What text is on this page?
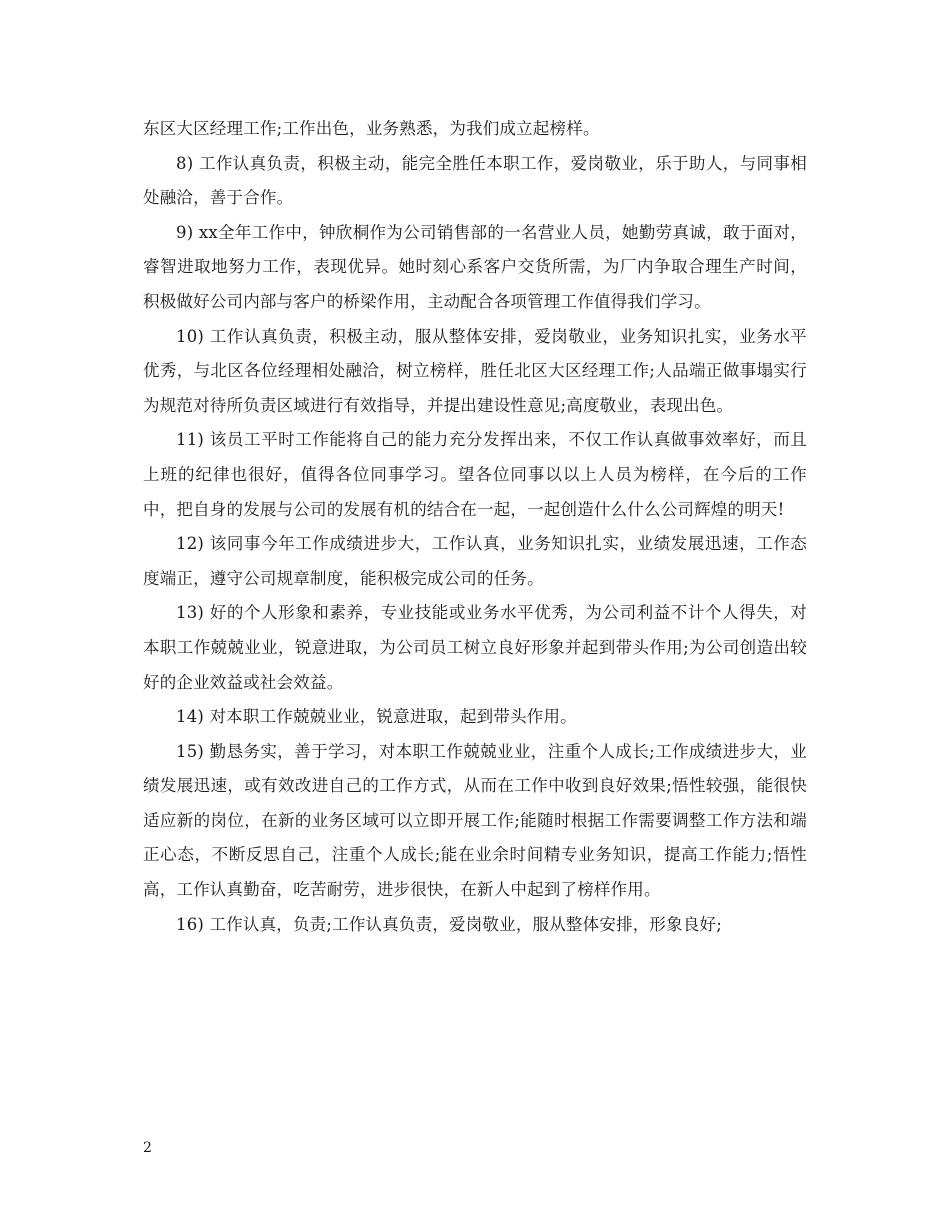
东区大区经理工作;工作出色，业务熟悉，为我们成立起榜样。

8) 工作认真负责，积极主动，能完全胜任本职工作，爱岗敬业，乐于助人，与同事相处融洽，善于合作。

9) xx全年工作中，钟欣桐作为公司销售部的一名营业人员，她勤劳真诚，敢于面对，睿智进取地努力工作，表现优异。她时刻心系客户交货所需，为厂内争取合理生产时间，积极做好公司内部与客户的桥梁作用，主动配合各项管理工作值得我们学习。

10) 工作认真负责，积极主动，服从整体安排，爱岗敬业，业务知识扎实，业务水平优秀，与北区各位经理相处融洽，树立榜样，胜任北区大区经理工作;人品端正做事塌实行为规范对待所负责区域进行有效指导，并提出建设性意见;高度敬业，表现出色。

11) 该员工平时工作能将自己的能力充分发挥出来，不仅工作认真做事效率好，而且上班的纪律也很好，值得各位同事学习。望各位同事以以上人员为榜样，在今后的工作中，把自身的发展与公司的发展有机的结合在一起，一起创造什么什么公司辉煌的明天!

12) 该同事今年工作成绩进步大，工作认真，业务知识扎实，业绩发展迅速，工作态度端正，遵守公司规章制度，能积极完成公司的任务。

13) 好的个人形象和素养，专业技能或业务水平优秀，为公司利益不计个人得失，对本职工作兢兢业业，锐意进取，为公司员工树立良好形象并起到带头作用;为公司创造出较好的企业效益或社会效益。

14) 对本职工作兢兢业业，锐意进取，起到带头作用。

15) 勤恳务实，善于学习，对本职工作兢兢业业，注重个人成长;工作成绩进步大，业绩发展迅速，或有效改进自己的工作方式，从而在工作中收到良好效果;悟性较强，能很快适应新的岗位，在新的业务区域可以立即开展工作;能随时根据工作需要调整工作方法和端正心态，不断反思自己，注重个人成长;能在业余时间精专业务知识，提高工作能力;悟性高，工作认真勤奋，吃苦耐劳，进步很快，在新人中起到了榜样作用。

16) 工作认真，负责;工作认真负责，爱岗敬业，服从整体安排，形象良好;

2
